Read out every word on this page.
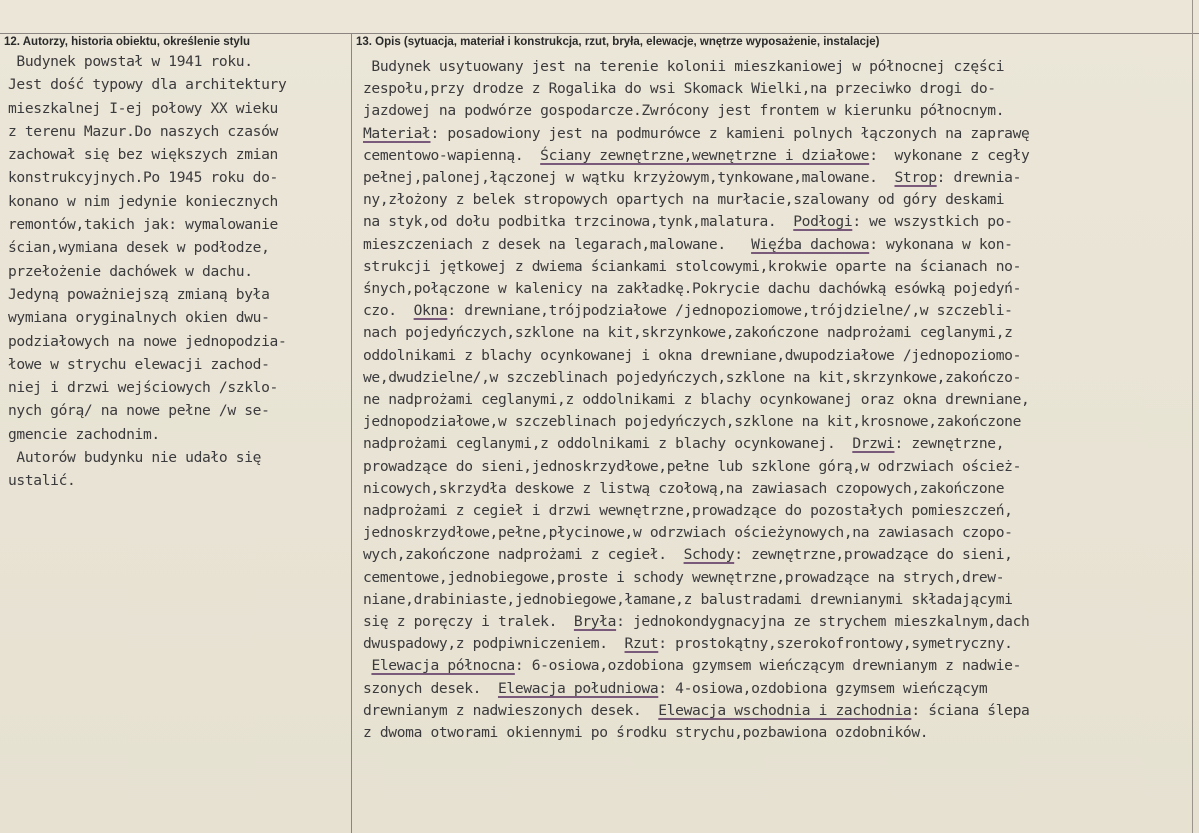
12. Autorzy, historia obiektu, określenie stylu	13. Opis (sytuacja, materiał i konstrukcja, rzut, bryła, elewacje, wnętrze wyposażenie, instalacje)
Budynek powstał w 1941 roku.
Jest dość typowy dla architektury
mieszkalnej I-ej połowy XX wieku
z terenu Mazur.Do naszych czasów
zachował się bez większych zmian
konstrukcyjnych.Po 1945 roku do-
konano w nim jedynie koniecznych
remontów,takich jak: wymalowanie
ścian,wymiana desek w podłodze,
przełożenie dachówek w dachu.
Jedyną poważniejszą zmianą była
wymiana oryginalnych okien dwu-
podziałowych na nowe jednopodzia-
łowe w strychu elewacji zachod-
niej i drzwi wejściowych /szklo-
nych górą/ na nowe pełne /w se-
gmencie zachodnim.
Autorów budynku nie udało się
ustalić.
Budynek usytuowany jest na terenie kolonii mieszkaniowej w północnej części
zespołu,przy drodze z Rogalika do wsi Skomack Wielki,na przeciwko drogi do-
jazdowej na podwórze gospodarcze.Zwrócony jest frontem w kierunku północnym.
Materiał: posadowiony jest na podmurówce z kamieni polnych łączonych na zaprawę
cementowo-wapienną.  Ściany zewnętrzne,wewnętrzne i działowe:  wykonane z cegły
pełnej,palonej,łączonej w wątku krzyżowym,tynkowane,malowane.  Strop: drewnia-
ny,złożony z belek stropowych opartych na murłacie,szalowany od góry deskami
na styk,od dołu podbitka trzcinowa,tynk,malatura.  Podłogi: we wszystkich po-
mieszczeniach z desek na legarach,malowane.   Więźba dachowa: wykonana w kon-
strukcji jętkowej z dwiema ściankami stolcowymi,krokwie oparte na ścianach no-
śnych,połączone w kalenicy na zakładkę.Pokrycie dachu dachówką esówką pojedyń-
czo.  Okna: drewniane,trójpodziałowe /jednopoziomowe,trójdzielne/,w szczebli-
nach pojedyńczych,szklone na kit,skrzynkowe,zakończone nadprożami ceglanymi,z
oddolnikami z blachy ocynkowanej i okna drewniane,dwupodziałowe /jednopoziomo-
we,dwudzielne/,w szczeblinach pojedyńczych,szklone na kit,skrzynkowe,zakończo-
ne nadprożami ceglanymi,z oddolnikami z blachy ocynkowanej oraz okna drewniane,
jednopodziałowe,w szczeblinach pojedyńczych,szklone na kit,krosnowe,zakończone
nadprożami ceglanymi,z oddolnikami z blachy ocynkowanej.  Drzwi: zewnętrzne,
prowadzące do sieni,jednoskrzydłowe,pełne lub szklone górą,w odrzwiach oścież-
nicowych,skrzydła deskowe z listwą czołową,na zawiasach czopowych,zakończone
nadprożami z cegieł i drzwi wewnętrzne,prowadzące do pozostałych pomieszczeń,
jednoskrzydłowe,pełne,płycinowe,w odrzwiach ościeżynowych,na zawiasach czopo-
wych,zakończone nadprożami z cegieł.  Schody: zewnętrzne,prowadzące do sieni,
cementowe,jednobiegowe,proste i schody wewnętrzne,prowadzące na strych,drew-
niane,drabiniaste,jednobiegowe,łamane,z balustradami drewnianymi składającymi
się z poręczy i tralek.  Bryła: jednokondygnacyjna ze strychem mieszkalnym,dach
dwuspadowy,z podpiwniczeniem.  Rzut: prostokątny,szerokofrontowy,symetryczny.
Elewacja północna: 6-osiowa,ozdobiona gzymsem wieńczącym drewnianym z nadwie-
szonych desek.  Elewacja południowa: 4-osiowa,ozdobiona gzymsem wieńczącym
drewnianym z nadwieszonych desek.  Elewacja wschodnia i zachodnia: ściana ślepa
z dwoma otworami okiennymi po środku strychu,pozbawiona ozdobników.
